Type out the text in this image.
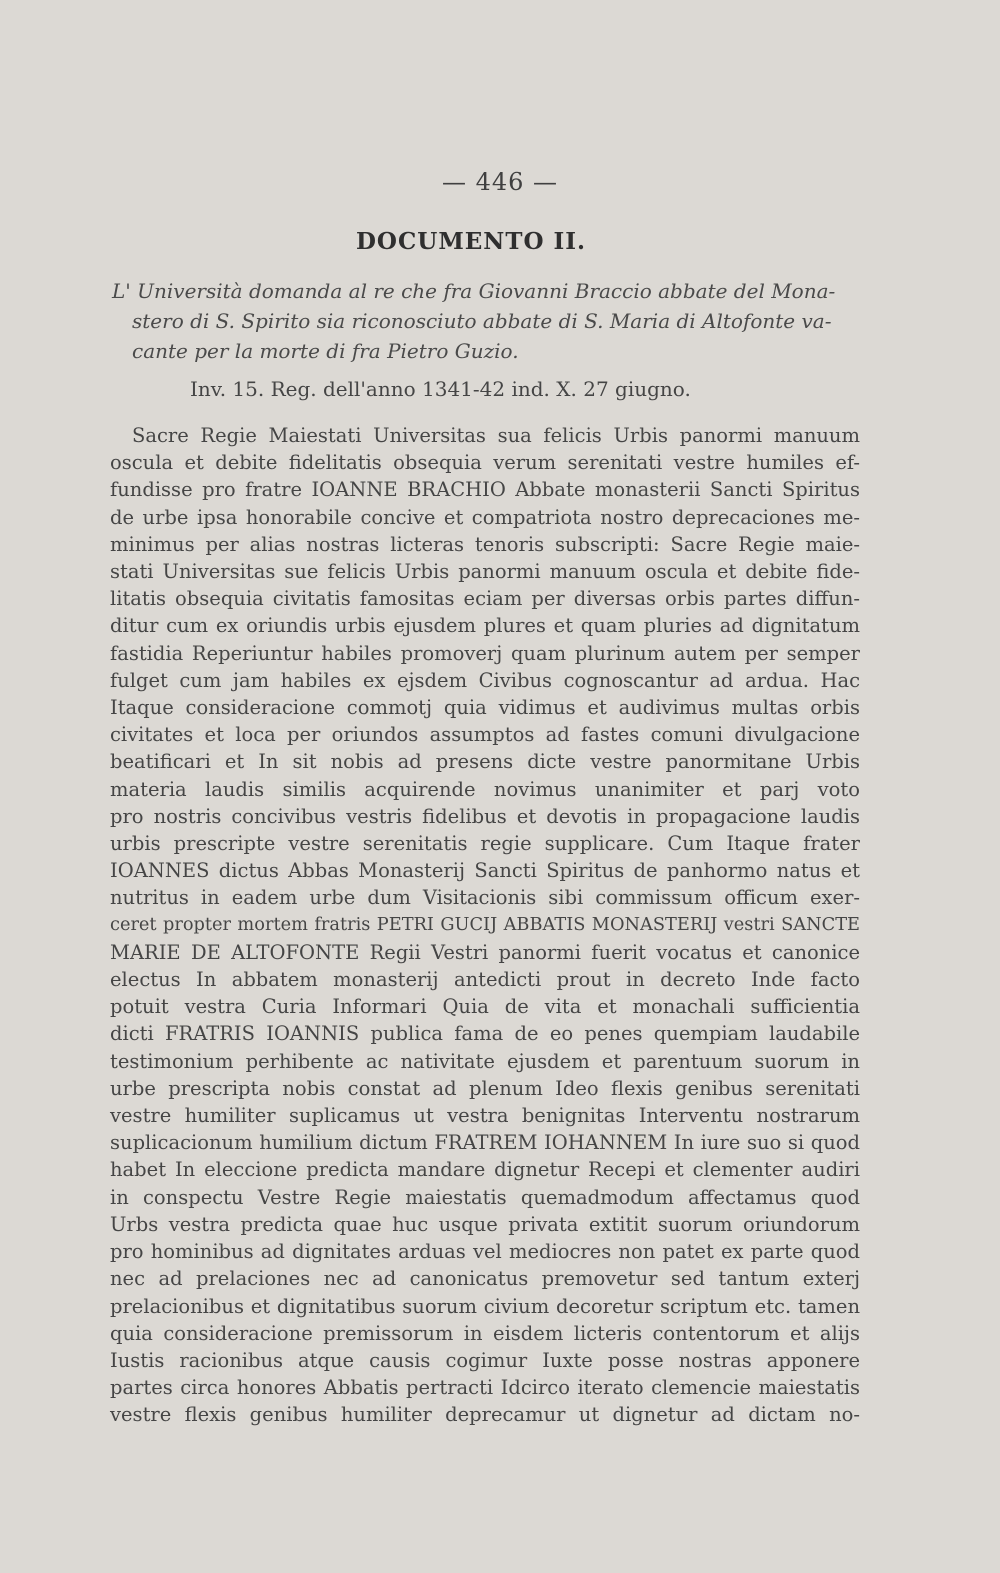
— 446 —
DOCUMENTO II.
L' Università domanda al re che fra Giovanni Braccio abbate del Mona-
stero di S. Spirito sia riconosciuto abbate di S. Maria di Altofonte va-
cante per la morte di fra Pietro Guzio.
Inv. 15. Reg. dell'anno 1341-42 ind. X. 27 giugno.
Sacre Regie Maiestati Universitas sua felicis Urbis panormi manuum
oscula et debite fidelitatis obsequia verum serenitati vestre humiles ef-
fundisse pro fratre IOANNE BRACHIO Abbate monasterii Sancti Spiritus
de urbe ipsa honorabile concive et compatriota nostro deprecaciones me-
minimus per alias nostras licteras tenoris subscripti: Sacre Regie maie-
stati Universitas sue felicis Urbis panormi manuum oscula et debite fide-
litatis obsequia civitatis famositas eciam per diversas orbis partes diffun-
ditur cum ex oriundis urbis ejusdem plures et quam pluries ad dignitatum
fastidia Reperiuntur habiles promoverj quam plurinum autem per semper
fulget cum jam habiles ex ejsdem Civibus cognoscantur ad ardua. Hac
Itaque consideracione commotj quia vidimus et audivimus multas orbis
civitates et loca per oriundos assumptos ad fastes comuni divulgacione
beatificari et In sit nobis ad presens dicte vestre panormitane Urbis
materia laudis similis acquirende novimus unanimiter et parj voto
pro nostris concivibus vestris fidelibus et devotis in propagacione laudis
urbis prescripte vestre serenitatis regie supplicare. Cum Itaque frater
IOANNES dictus Abbas Monasterij Sancti Spiritus de panhormo natus et
nutritus in eadem urbe dum Visitacionis sibi commissum officum exer-
ceret propter mortem fratris PETRI GUCIJ ABBATIS MONASTERIJ vestri SANCTE
MARIE DE ALTOFONTE Regii Vestri panormi fuerit vocatus et canonice
electus In abbatem monasterij antedicti prout in decreto Inde facto
potuit vestra Curia Informari Quia de vita et monachali sufficientia
dicti FRATRIS IOANNIS publica fama de eo penes quempiam laudabile
testimonium perhibente ac nativitate ejusdem et parentuum suorum in
urbe prescripta nobis constat ad plenum Ideo flexis genibus serenitati
vestre humiliter suplicamus ut vestra benignitas Interventu nostrarum
suplicacionum humilium dictum FRATREM IOHANNEM In iure suo si quod
habet In eleccione predicta mandare dignetur Recepi et clementer audiri
in conspectu Vestre Regie maiestatis quemadmodum affectamus quod
Urbs vestra predicta quae huc usque privata extitit suorum oriundorum
pro hominibus ad dignitates arduas vel mediocres non patet ex parte quod
nec ad prelaciones nec ad canonicatus premovetur sed tantum exterj
prelacionibus et dignitatibus suorum civium decoretur scriptum etc. tamen
quia consideracione premissorum in eisdem licteris contentorum et alijs
Iustis racionibus atque causis cogimur Iuxte posse nostras apponere
partes circa honores Abbatis pertracti Idcirco iterato clemencie maiestatis
vestre flexis genibus humiliter deprecamur ut dignetur ad dictam no-
